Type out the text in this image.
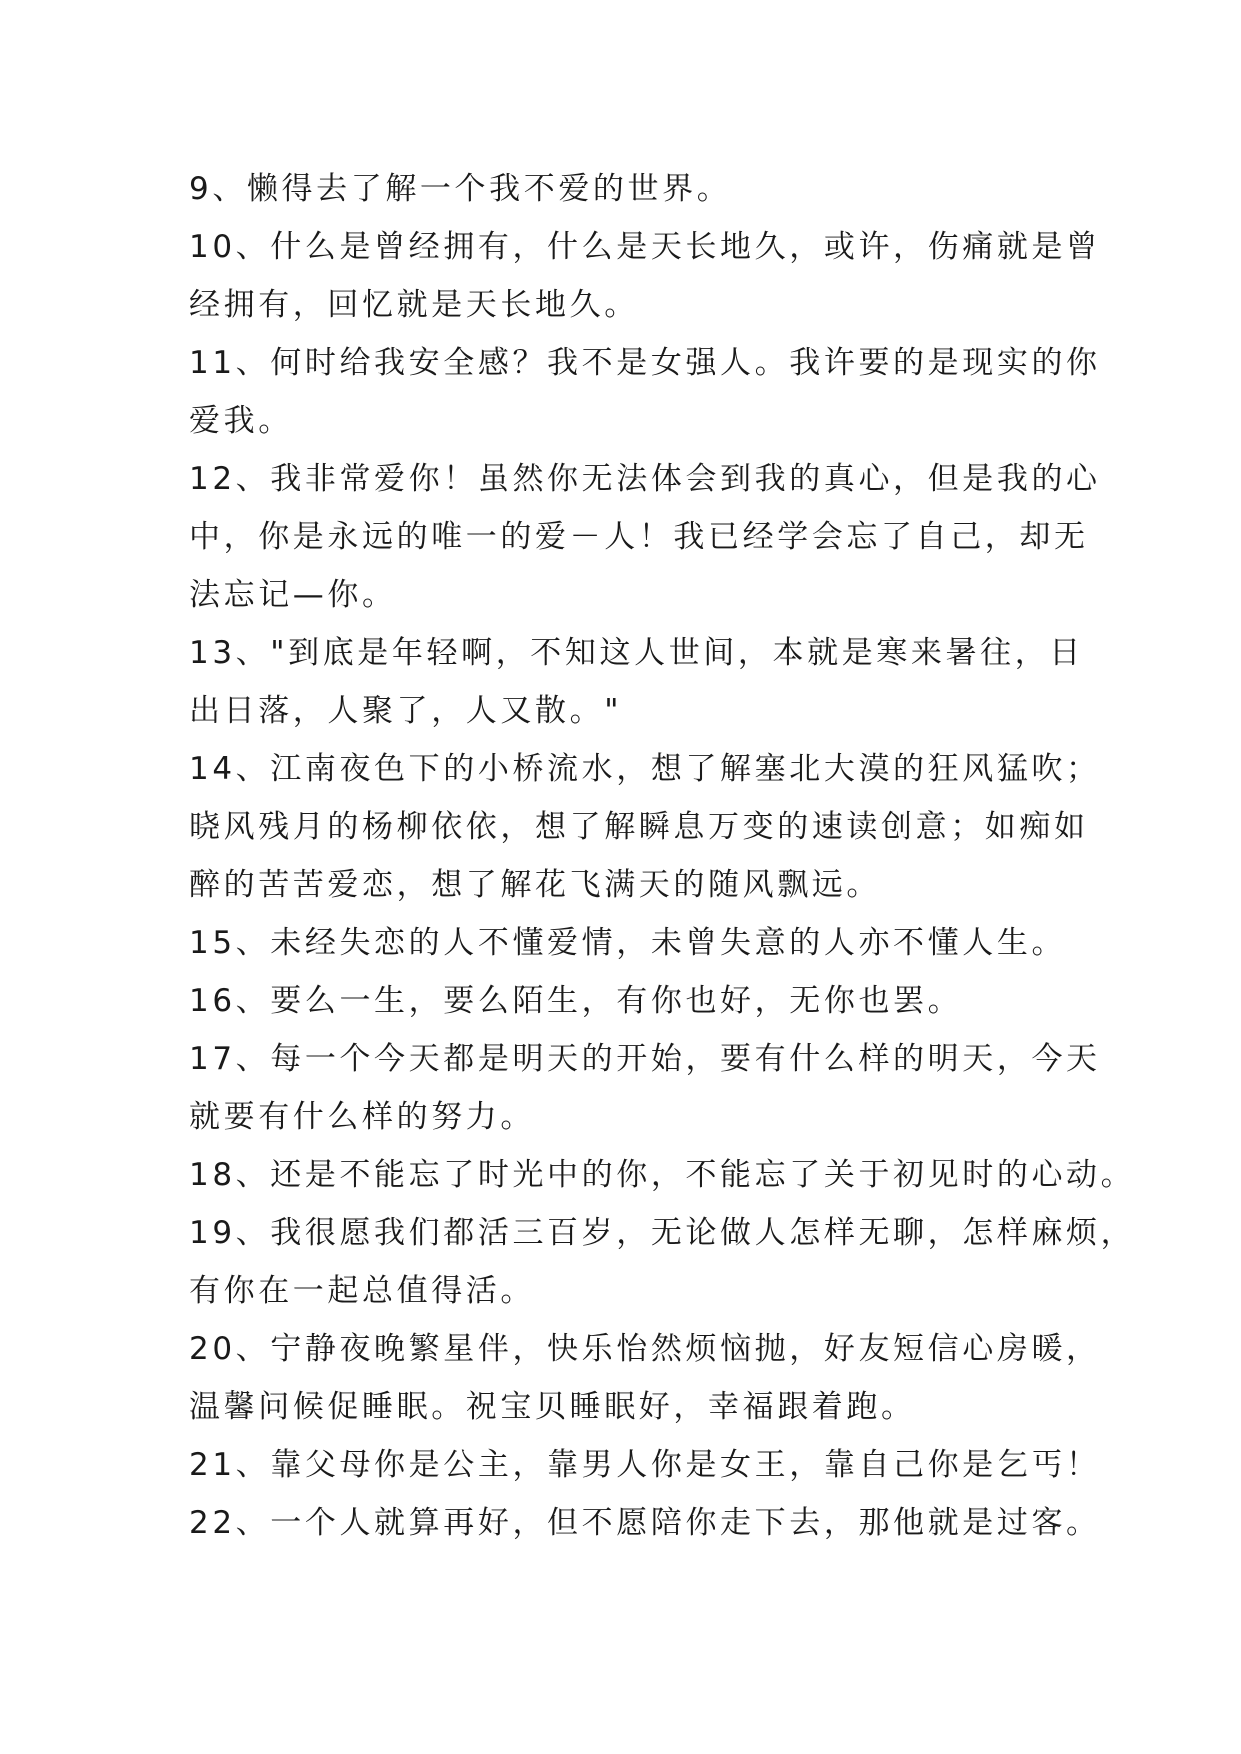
9、懒得去了解一个我不爱的世界。
10、什么是曾经拥有，什么是天长地久，或许，伤痛就是曾
经拥有，回忆就是天长地久。
11、何时给我安全感？我不是女强人。我许要的是现实的你
爱我。
12、我非常爱你！虽然你无法体会到我的真心，但是我的心
中，你是永远的唯一的爱－人！我已经学会忘了自己，却无
法忘记—你。
13、"到底是年轻啊，不知这人世间，本就是寒来暑往，日
出日落，人聚了，人又散。"
14、江南夜色下的小桥流水，想了解塞北大漠的狂风猛吹；
晓风残月的杨柳依依，想了解瞬息万变的速读创意；如痴如
醉的苦苦爱恋，想了解花飞满天的随风飘远。
15、未经失恋的人不懂爱情，未曾失意的人亦不懂人生。
16、要么一生，要么陌生，有你也好，无你也罢。
17、每一个今天都是明天的开始，要有什么样的明天，今天
就要有什么样的努力。
18、还是不能忘了时光中的你，不能忘了关于初见时的心动。
19、我很愿我们都活三百岁，无论做人怎样无聊，怎样麻烦，
有你在一起总值得活。
20、宁静夜晚繁星伴，快乐怡然烦恼抛，好友短信心房暖，
温馨问候促睡眠。祝宝贝睡眠好，幸福跟着跑。
21、靠父母你是公主，靠男人你是女王，靠自己你是乞丐！
22、一个人就算再好，但不愿陪你走下去，那他就是过客。
